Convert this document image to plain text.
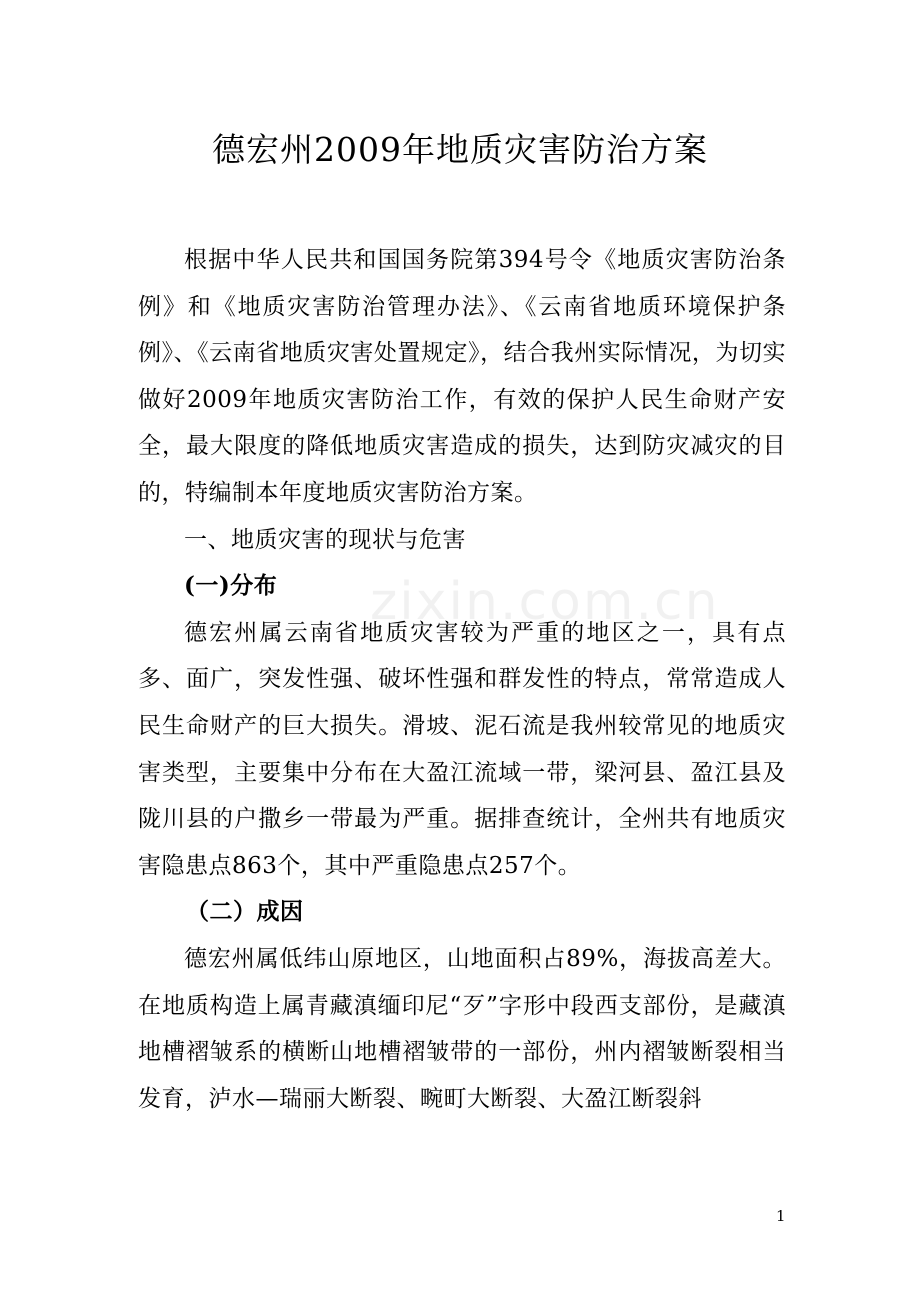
德宏州2009年地质灾害防治方案
zixin.com.cn

根据中华人民共和国国务院第394号令《地质灾害防治条例》和《地质灾害防治管理办法》、《云南省地质环境保护条例》、《云南省地质灾害处置规定》，结合我州实际情况，为切实做好2009年地质灾害防治工作，有效的保护人民生命财产安全，最大限度的降低地质灾害造成的损失，达到防灾减灾的目的，特编制本年度地质灾害防治方案。

一、地质灾害的现状与危害

(一)分布

德宏州属云南省地质灾害较为严重的地区之一，具有点多、面广，突发性强、破坏性强和群发性的特点，常常造成人民生命财产的巨大损失。滑坡、泥石流是我州较常见的地质灾害类型，主要集中分布在大盈江流域一带，梁河县、盈江县及陇川县的户撒乡一带最为严重。据排查统计，全州共有地质灾害隐患点863个，其中严重隐患点257个。

（二）成因

德宏州属低纬山原地区，山地面积占89%，海拔高差大。在地质构造上属青藏滇缅印尼“歹”字形中段西支部份，是藏滇地槽褶皱系的横断山地槽褶皱带的一部份，州内褶皱断裂相当发育，泸水—瑞丽大断裂、畹町大断裂、大盈江断裂斜

1
